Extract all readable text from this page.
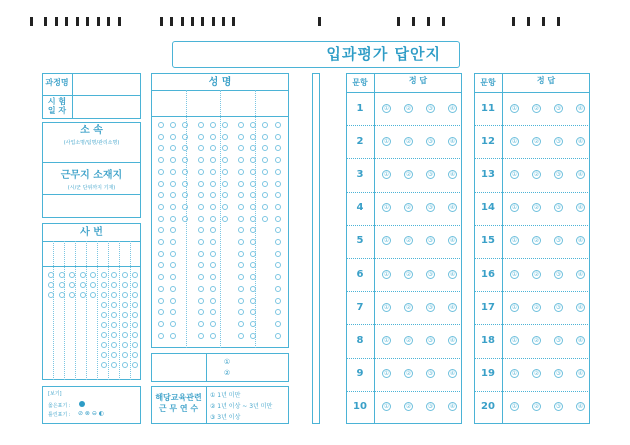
입과평가 답안지
과정명
시 험
일 자
소 속
(사업소명/팀명/관리소명)
근무지 소재지
(시/군 단위까지 기재)
사 번
[보기]
옳은표기 :
틀린표기 :	⊘ ⊗ ⊖ ◐
성 명
①
②
해당교육관련
근 무 연 수
① 1년 미만
② 1년 이상 ~ 3년 미만
③ 3년 이상
문항	정 답
1	①	②	③	④
2	①	②	③	④
3	①	②	③	④
4	①	②	③	④
5	①	②	③	④
6	①	②	③	④
7	①	②	③	④
8	①	②	③	④
9	①	②	③	④
10	①	②	③	④
문항	정 답
11	①	②	③	④
12	①	②	③	④
13	①	②	③	④
14	①	②	③	④
15	①	②	③	④
16	①	②	③	④
17	①	②	③	④
18	①	②	③	④
19	①	②	③	④
20	①	②	③	④
